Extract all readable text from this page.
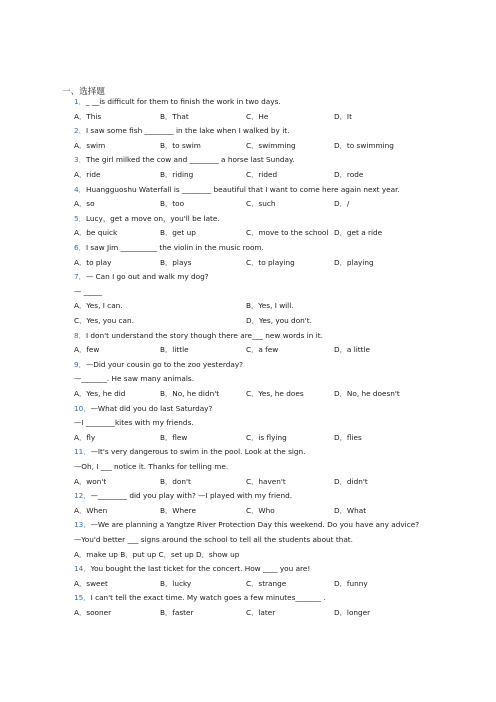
一、选择题
1．_ __is difficult for them to finish the work in two days.
A．This	B．That	C．He	D．It
2．I saw some fish ________ in the lake when I walked by it.
A．swim	B．to swim	C．swimming	D．to swimming
3．The girl milked the cow and ________ a horse last Sunday.
A．ride	B．riding	C．rided	D．rode
4．Huangguoshu Waterfall is ________ beautiful that I want to come here again next year.
A．so	B．too	C．such	D．/
5．Lucy，get a move on，you'll be late.
A．be quick	B．get up	C．move to the school D．get a ride
6．I saw Jim __________ the violin in the music room.
A．to play	B．plays	C．to playing	D．playing
7．— Can I go out and walk my dog?
— _____
A．Yes, I can.	B．Yes, I will.
C．Yes, you can.	D．Yes, you don't.
8．I don't understand the story though there are___ new words in it.
A．few	B．little	C．a few	D．a little
9．—Did your cousin go to the zoo yesterday?
—_______. He saw many animals.
A．Yes, he did	B．No, he didn't	C．Yes, he does	D．No, he doesn't
10．—What did you do last Saturday?
—I ________kites with my friends.
A．fly	B．flew	C．is flying	D．flies
11．—It's very dangerous to swim in the pool. Look at the sign.
—Oh, I ___ notice it. Thanks for telling me.
A．won't	B．don't	C．haven't	D．didn't
12．—________ did you play with? —I played with my friend.
A．When	B．Where	C．Who	D．What
13．—We are planning a Yangtze River Protection Day this weekend. Do you have any advice?
—You'd better ___ signs around the school to tell all the students about that.
A．make up B．put up C．set up D．show up
14．You bought the last ticket for the concert. How ____ you are!
A．sweet	B．lucky	C．strange	D．funny
15．I can't tell the exact time. My watch goes a few minutes_______ .
A．sooner	B．faster	C．later	D．longer
